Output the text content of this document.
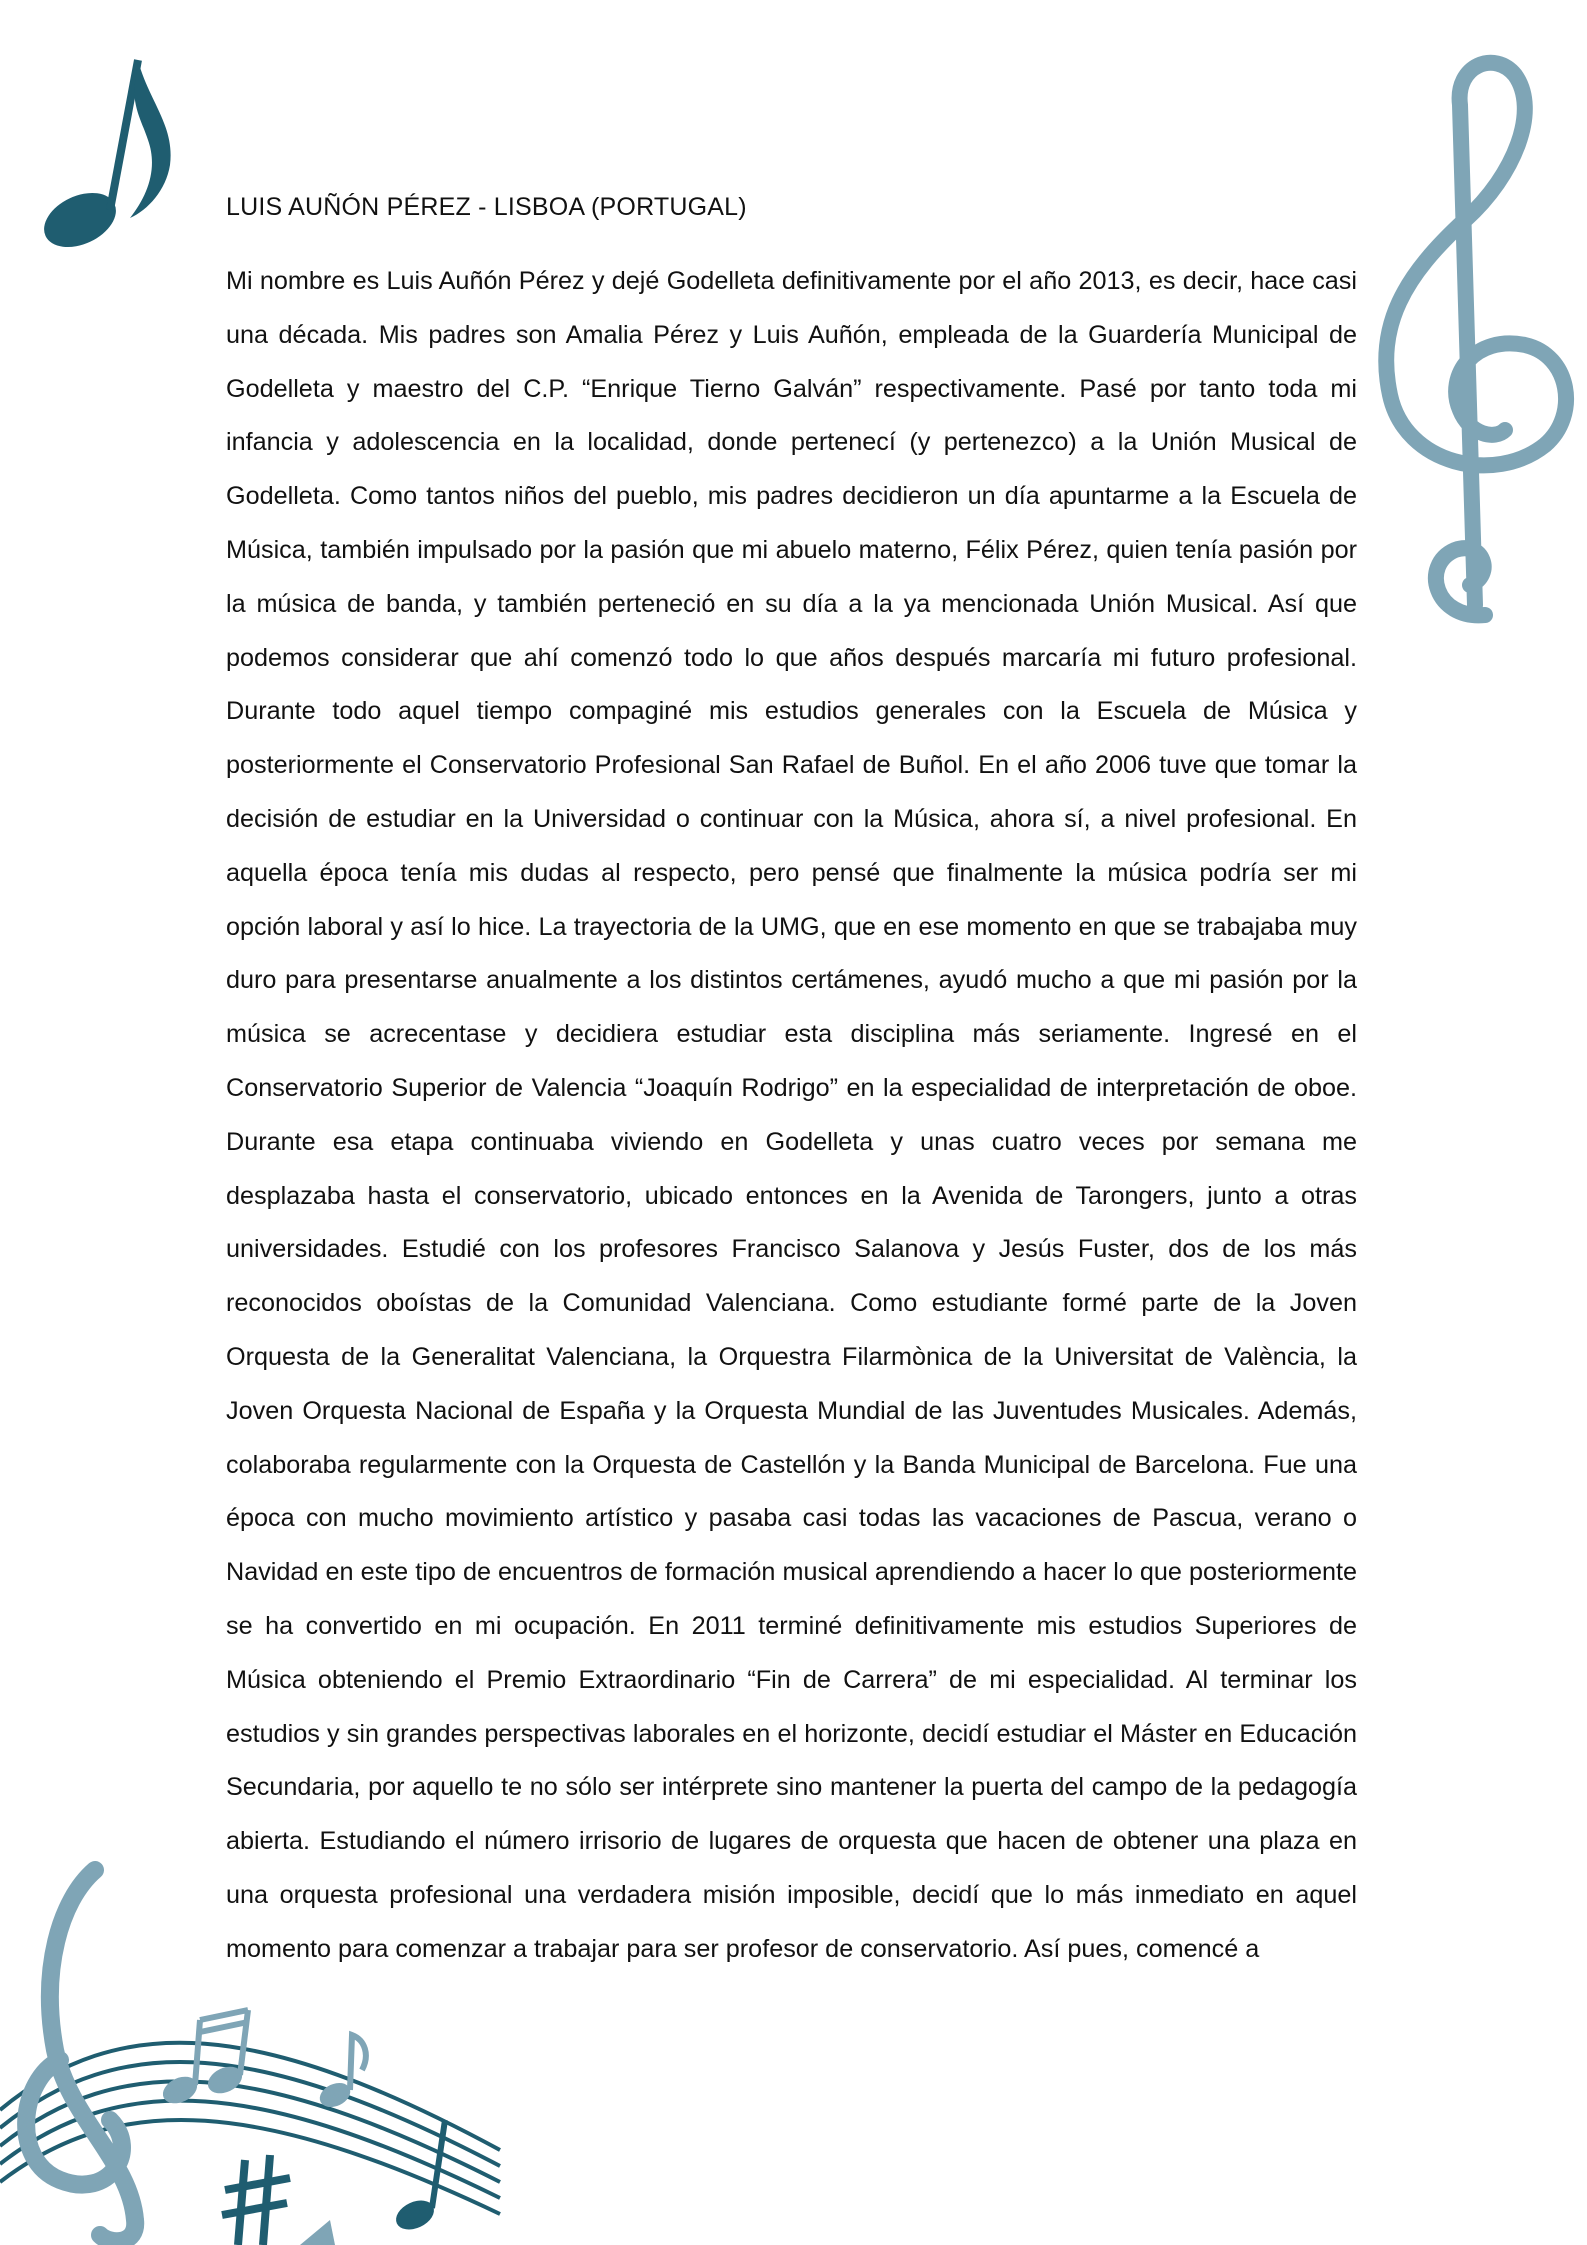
LUIS AUÑÓN PÉREZ - LISBOA (PORTUGAL)

Mi nombre es Luis Auñón Pérez y dejé Godelleta definitivamente por el año 2013, es decir, hace casi una década. Mis padres son Amalia Pérez y Luis Auñón, empleada de la Guardería Municipal de Godelleta y maestro del C.P. “Enrique Tierno Galván” respectivamente. Pasé por tanto toda mi infancia y adolescencia en la localidad, donde pertenecí (y pertenezco) a la Unión Musical de Godelleta. Como tantos niños del pueblo, mis padres decidieron un día apuntarme a la Escuela de Música, también impulsado por la pasión que mi abuelo materno, Félix Pérez, quien tenía pasión por la música de banda, y también perteneció en su día a la ya mencionada Unión Musical. Así que podemos considerar que ahí comenzó todo lo que años después marcaría mi futuro profesional. Durante todo aquel tiempo compaginé mis estudios generales con la Escuela de Música y posteriormente el Conservatorio Profesional San Rafael de Buñol. En el año 2006 tuve que tomar la decisión de estudiar en la Universidad o continuar con la Música, ahora sí, a nivel profesional. En aquella época tenía mis dudas al respecto, pero pensé que finalmente la música podría ser mi opción laboral y así lo hice. La trayectoria de la UMG, que en ese momento en que se trabajaba muy duro para presentarse anualmente a los distintos certámenes, ayudó mucho a que mi pasión por la música se acrecentase y decidiera estudiar esta disciplina más seriamente. Ingresé en el Conservatorio Superior de Valencia “Joaquín Rodrigo” en la especialidad de interpretación de oboe. Durante esa etapa continuaba viviendo en Godelleta y unas cuatro veces por semana me desplazaba hasta el conservatorio, ubicado entonces en la Avenida de Tarongers, junto a otras universidades. Estudié con los profesores Francisco Salanova y Jesús Fuster, dos de los más reconocidos oboístas de la Comunidad Valenciana. Como estudiante formé parte de la Joven Orquesta de la Generalitat Valenciana, la Orquestra Filarmònica de la Universitat de València, la Joven Orquesta Nacional de España y la Orquesta Mundial de las Juventudes Musicales. Además, colaboraba regularmente con la Orquesta de Castellón y la Banda Municipal de Barcelona. Fue una época con mucho movimiento artístico y pasaba casi todas las vacaciones de Pascua, verano o Navidad en este tipo de encuentros de formación musical aprendiendo a hacer lo que posteriormente se ha convertido en mi ocupación. En 2011 terminé definitivamente mis estudios Superiores de Música obteniendo el Premio Extraordinario “Fin de Carrera” de mi especialidad. Al terminar los estudios y sin grandes perspectivas laborales en el horizonte, decidí estudiar el Máster en Educación Secundaria, por aquello te no sólo ser intérprete sino mantener la puerta del campo de la pedagogía abierta. Estudiando el número irrisorio de lugares de orquesta que hacen de obtener una plaza en una orquesta profesional una verdadera misión imposible, decidí que lo más inmediato en aquel momento para comenzar a trabajar para ser profesor de conservatorio. Así pues, comencé a
